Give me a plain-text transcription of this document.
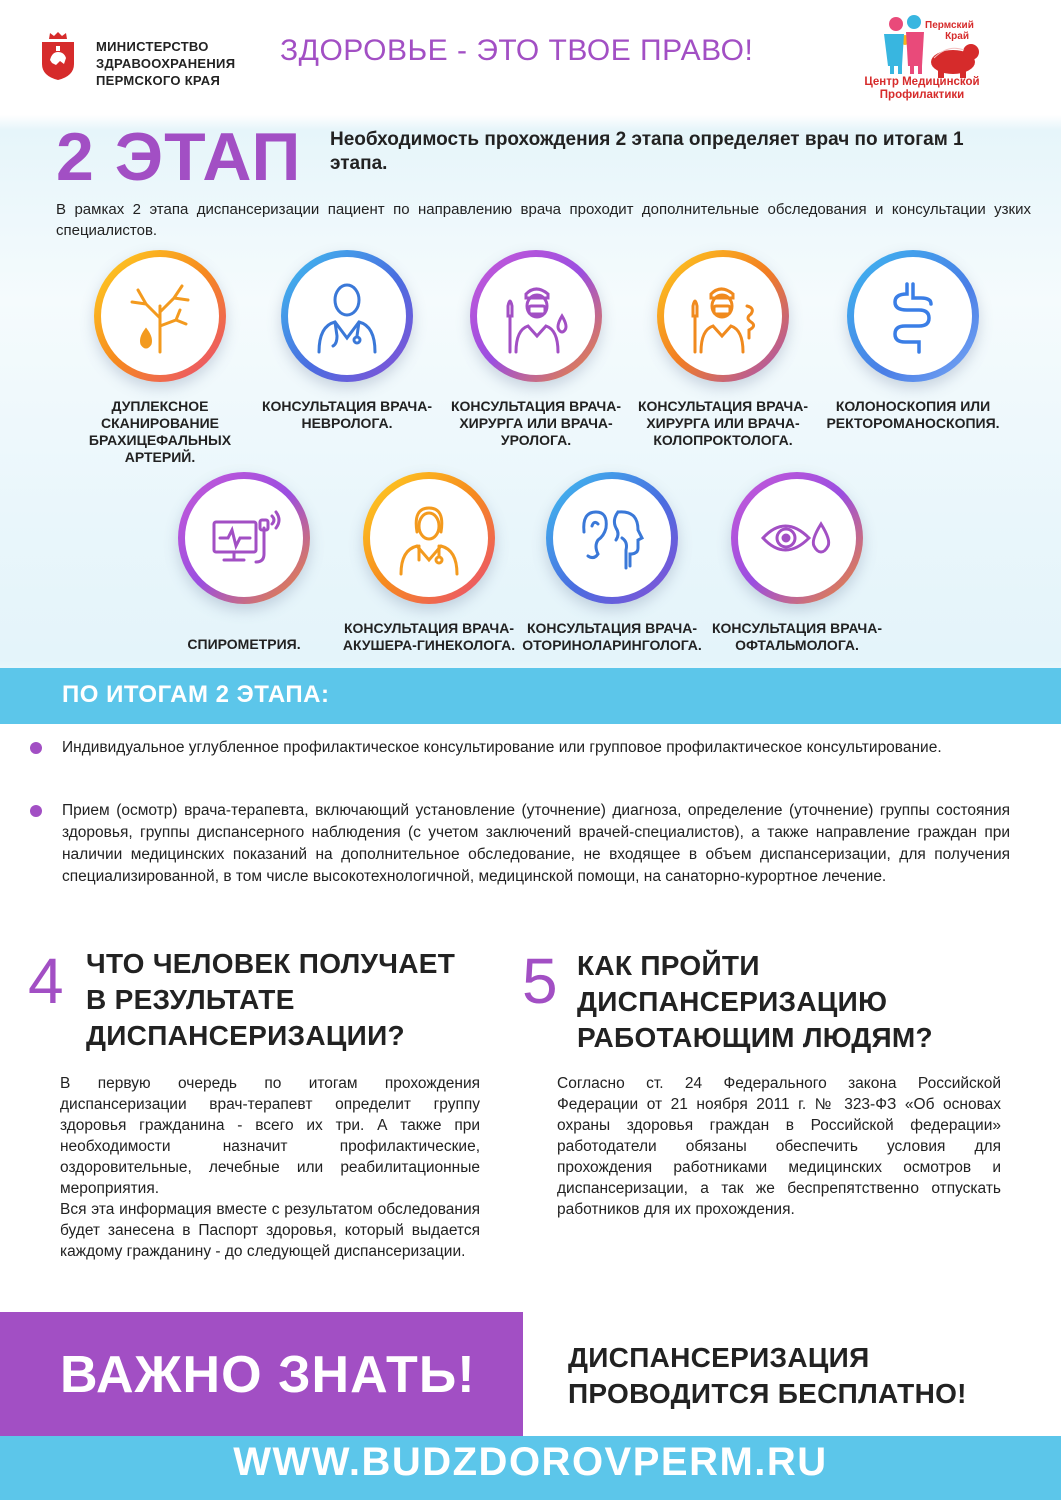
МИНИСТЕРСТВО
ЗДРАВООХРАНЕНИЯ
ПЕРМСКОГО КРАЯ
ЗДОРОВЬЕ - ЭТО ТВОЕ ПРАВО!
Пермский
Край
Центр Медицинской
Профилактики
2 ЭТАП Необходимость прохождения 2 этапа определяет врач по итогам 1 этапа.
В рамках 2 этапа диспансеризации пациент по направлению врача проходит дополнительные обследования и консультации узких специалистов.
ДУПЛЕКСНОЕ СКАНИРОВАНИЕ БРАХИЦЕФАЛЬНЫХ АРТЕРИЙ.
КОНСУЛЬТАЦИЯ ВРАЧА-НЕВРОЛОГА.
КОНСУЛЬТАЦИЯ ВРАЧА-ХИРУРГА ИЛИ ВРАЧА-УРОЛОГА.
КОНСУЛЬТАЦИЯ ВРАЧА-ХИРУРГА ИЛИ ВРАЧА-КОЛОПРОКТОЛОГА.
КОЛОНОСКОПИЯ ИЛИ РЕКТОРОМАНОСКОПИЯ.
СПИРОМЕТРИЯ.
КОНСУЛЬТАЦИЯ ВРАЧА-АКУШЕРА-ГИНЕКОЛОГА.
КОНСУЛЬТАЦИЯ ВРАЧА-ОТОРИНОЛАРИНГОЛОГА.
КОНСУЛЬТАЦИЯ ВРАЧА-ОФТАЛЬМОЛОГА.
ПО ИТОГАМ 2 ЭТАПА:
Индивидуальное углубленное профилактическое консультирование или групповое профилактическое консультирование.
Прием (осмотр) врача-терапевта, включающий установление (уточнение) диагноза, определение (уточнение) группы состояния здоровья, группы диспансерного наблюдения (с учетом заключений врачей-специалистов), а также направление граждан при наличии медицинских показаний на дополнительное обследование, не входящее в объем диспансеризации, для получения специализированной, в том числе высокотехнологичной, медицинской помощи, на санаторно-курортное лечение.
4 ЧТО ЧЕЛОВЕК ПОЛУЧАЕТ
В РЕЗУЛЬТАТЕ
ДИСПАНСЕРИЗАЦИИ?
В первую очередь по итогам прохождения диспансеризации врач-терапевт определит группу здоровья гражданина - всего их три. А также при необходимости назначит профилактические, оздоровительные, лечебные или реабилитационные мероприятия.
Вся эта информация вместе с результатом обследования будет занесена в Паспорт здоровья, который выдается каждому гражданину - до следующей диспансеризации.
5 КАК ПРОЙТИ
ДИСПАНСЕРИЗАЦИЮ
РАБОТАЮЩИМ ЛЮДЯМ?
Согласно ст. 24 Федерального закона Российской Федерации от 21 ноября 2011 г. № 323-ФЗ «Об основах охраны здоровья граждан в Российской федерации» работодатели обязаны обеспечить условия для прохождения работниками медицинских осмотров и диспансеризации, а так же беспрепятственно отпускать работников для их прохождения.
ВАЖНО ЗНАТЬ!	ДИСПАНСЕРИЗАЦИЯ
ПРОВОДИТСЯ БЕСПЛАТНО!
WWW.BUDZDOROVPERM.RU
